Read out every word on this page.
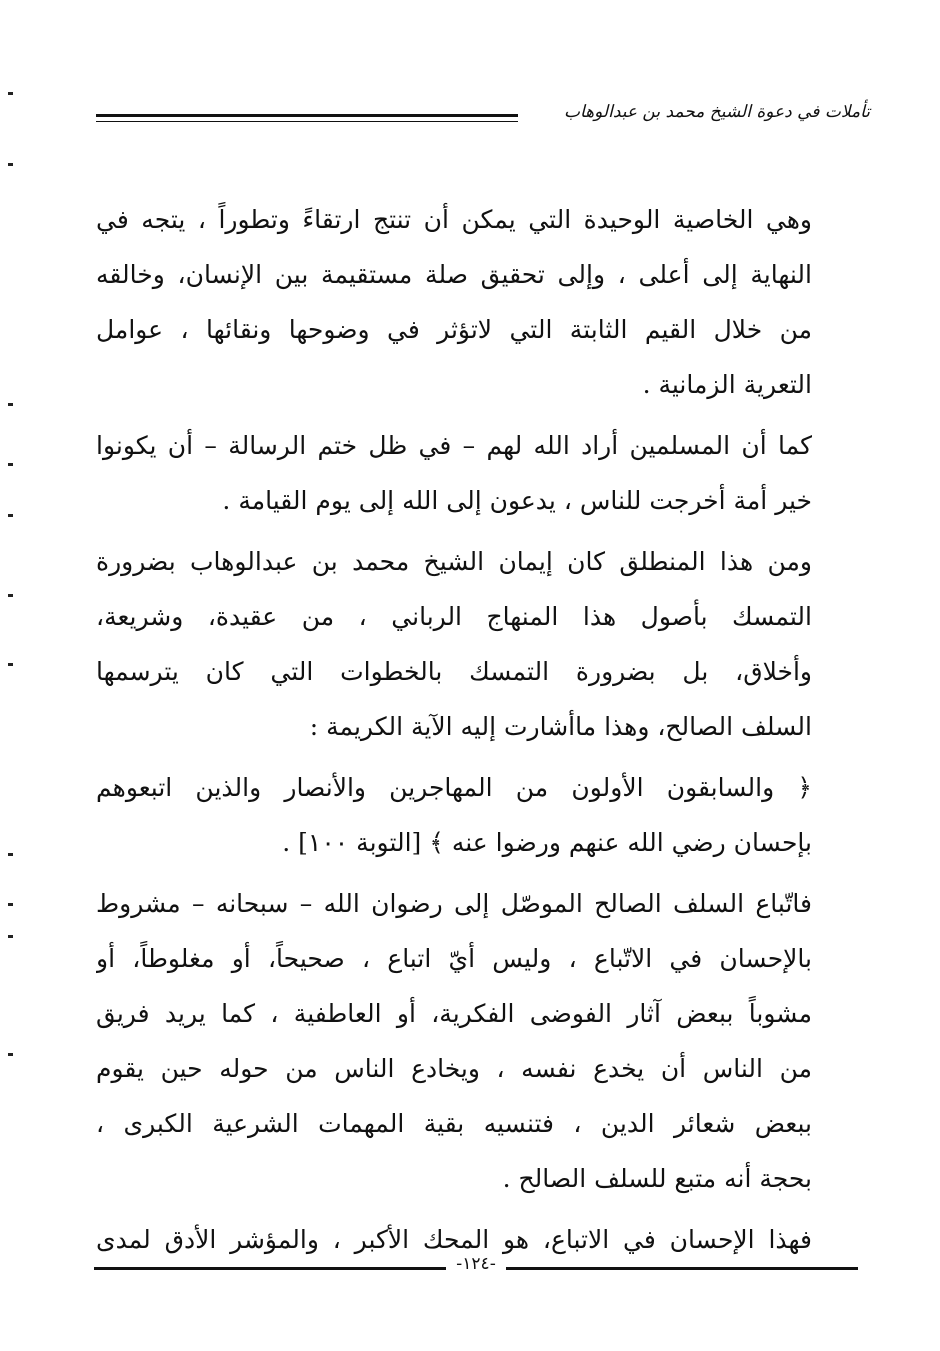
تأملات في دعوة الشيخ محمد بن عبدالوهاب

وهي الخاصية الوحيدة التي يمكن أن تنتج ارتقاءً وتطوراً ، يتجه في
النهاية إلى أعلى ، وإلى تحقيق صلة مستقيمة بين الإنسان، وخالقه
من خلال القيم الثابتة التي لاتؤثر في وضوحها ونقائها ، عوامل
التعرية الزمانية .

كما أن المسلمين أراد الله لهم – في ظل ختم الرسالة – أن يكونوا
خير أمة أخرجت للناس ، يدعون إلى الله إلى يوم القيامة .

ومن هذا المنطلق كان إيمان الشيخ محمد بن عبدالوهاب بضرورة
التمسك بأصول هذا المنهاج الرباني ، من عقيدة، وشريعة،
وأخلاق، بل بضرورة التمسك بالخطوات التي كان يترسمها
السلف الصالح، وهذا ماأشارت إليه الآية الكريمة :

﴿ والسابقون الأولون من المهاجرين والأنصار والذين اتبعوهم
بإحسان رضي الله عنهم ورضوا عنه ﴾ [التوبة ١٠٠] .

فاتّباع السلف الصالح الموصّل إلى رضوان الله – سبحانه – مشروط
بالإحسان في الاتّباع ، وليس أيّ اتباع ، صحيحاً، أو مغلوطاً، أو
مشوباً ببعض آثار الفوضى الفكرية، أو العاطفية ، كما يريد فريق
من الناس أن يخدع نفسه ، ويخادع الناس من حوله حين يقوم
ببعض شعائر الدين ، فتنسيه بقية المهمات الشرعية الكبرى ،
بحجة أنه متبع للسلف الصالح .

فهذا الإحسان في الاتباع، هو المحك الأكبر ، والمؤشر الأدق لمدى

-١٢٤-
